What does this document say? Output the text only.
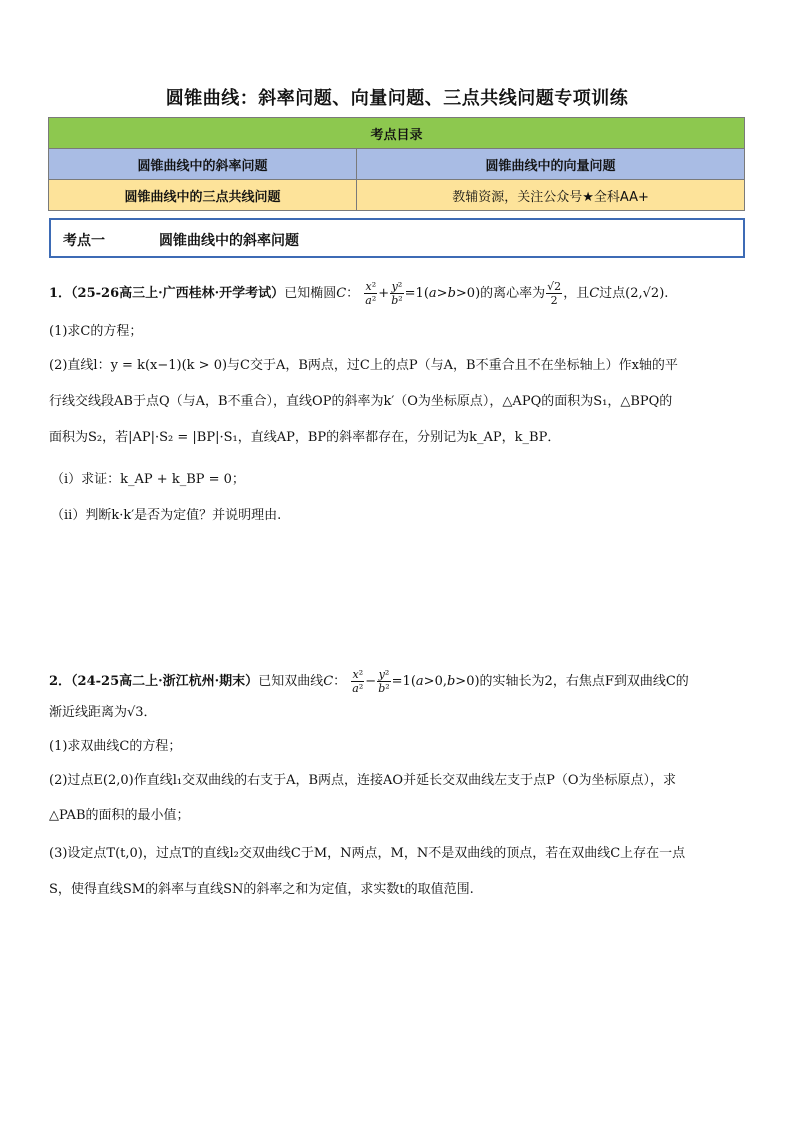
圆锥曲线：斜率问题、向量问题、三点共线问题专项训练
考点目录	
圆锥曲线中的斜率问题	圆锥曲线中的向量问题
圆锥曲线中的三点共线问题	教辅资源，关注公众号★全科AA+
考点一	圆锥曲线中的斜率问题
1．（25-26高三上·广西桂林·开学考试）已知椭圆C： $\frac{\text{x²}}{\text{a²}} + \frac{\text{y²}}{\text{b²}} =1(a>b>0)$的离心率为 $\frac{√2}{2}$ ，且C过点(2,√2).
(1)求C的方程；
(2)直线l：y = k(x−1)(k > 0)与C交于A，B两点，过C上的点P（与A，B不重合且不在坐标轴上）作x轴的平
行线交线段AB于点Q（与A，B不重合），直线OP的斜率为k′（O为坐标原点），△APQ的面积为S₁，△BPQ的
面积为S₂，若|AP|·S₂ = |BP|·S₁，直线AP，BP的斜率都存在，分别记为k_AP，k_BP．
（i）求证：k_AP + k_BP = 0；
（ii）判断k·k′是否为定值？并说明理由.
2．（24-25高二上·浙江杭州·期末）已知双曲线C： $\frac{\text{x²}}{\text{a²}} - \frac{\text{y²}}{\text{b²}} =1(a>0,b>0)$的实轴长为2，右焦点F到双曲线C的
渐近线距离为√3．
(1)求双曲线C的方程；
(2)过点E(2,0)作直线l₁交双曲线的右支于A，B两点，连接AO并延长交双曲线左支于点P（O为坐标原点），求
△PAB的面积的最小值；
(3)设定点T(t,0)，过点T的直线l₂交双曲线C于M，N两点，M，N不是双曲线的顶点，若在双曲线C上存在一点
S，使得直线SM的斜率与直线SN的斜率之和为定值，求实数t的取值范围.
